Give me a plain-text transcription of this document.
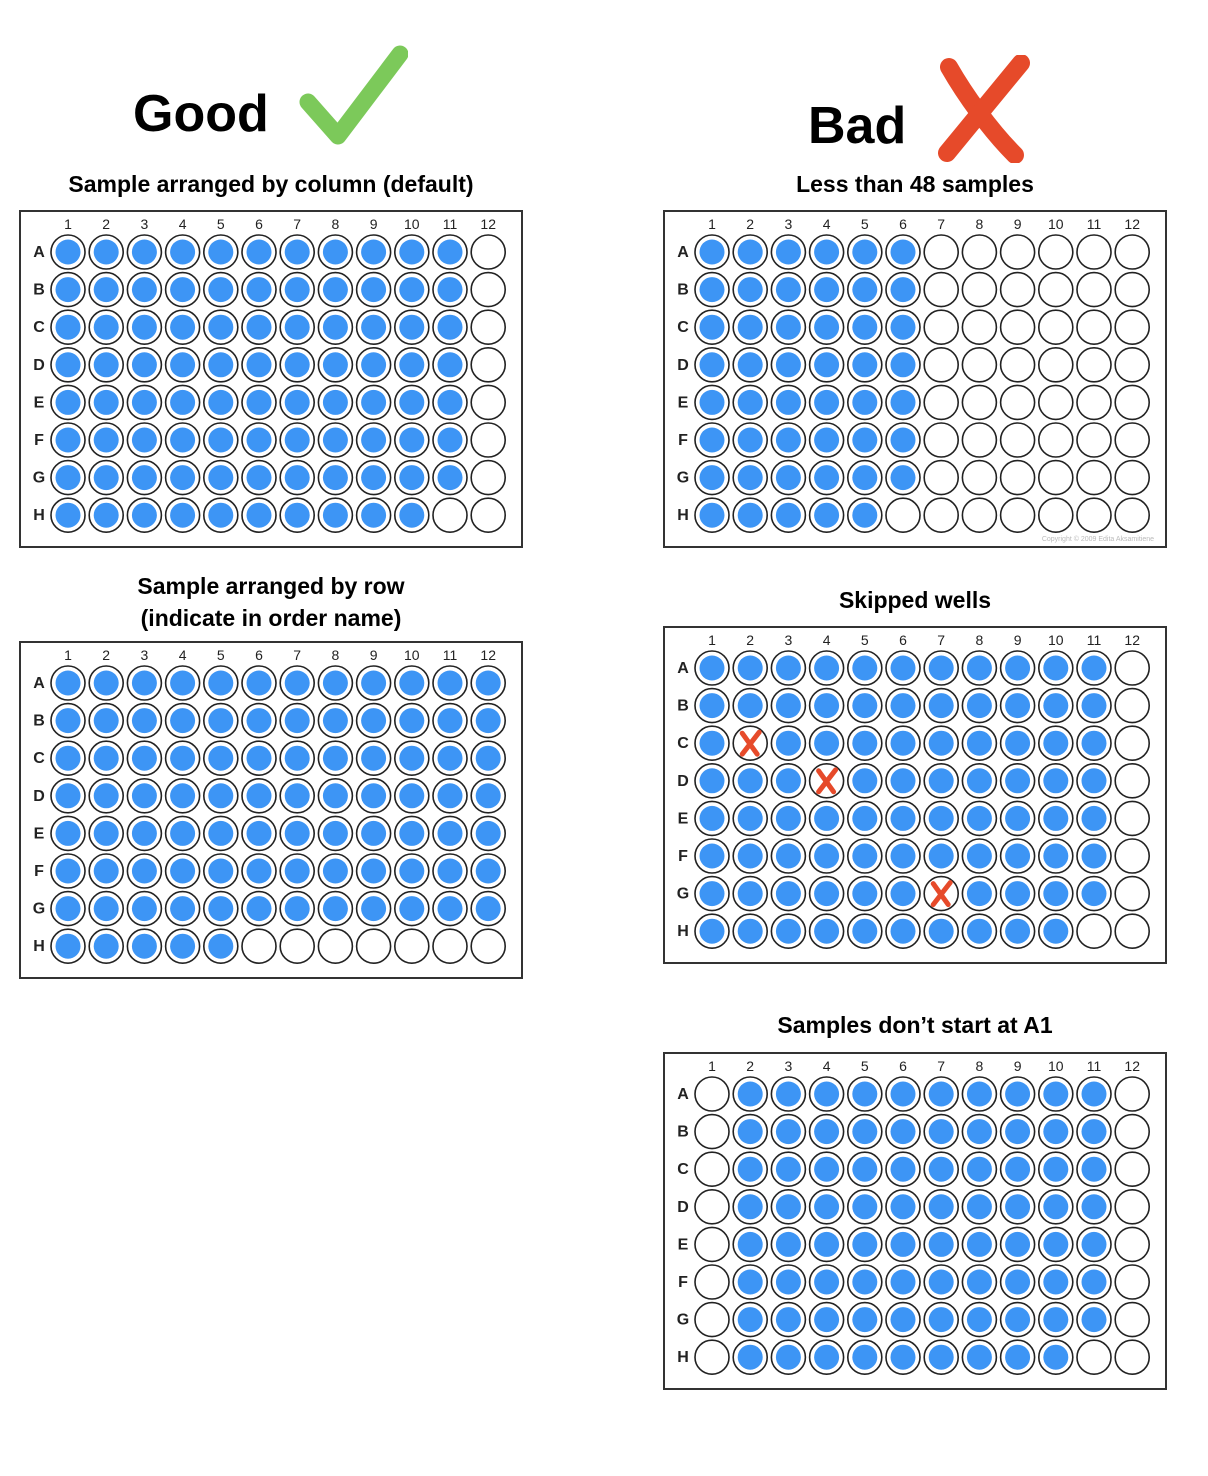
Good	Bad
Sample arranged by column (default)
Sample arranged by row
(indicate in order name)
Less than 48 samples
Skipped wells
Samples don’t start at A1
1 2 3 4 5 6 7 8 9 10 11 12
A
B
C
D
E
F
G
H
1 2 3 4 5 6 7 8 9 10 11 12
A
B
C
D
E
F
G
H
1 2 3 4 5 6 7 8 9 10 11 12
A
B
C
D
E
F
G
H
Copyright © 2009 Edita Aksamitiene
1 2 3 4 5 6 7 8 9 10 11 12
A
B
C
D
E
F
G
H
1 2 3 4 5 6 7 8 9 10 11 12
A
B
C
D
E
F
G
H
